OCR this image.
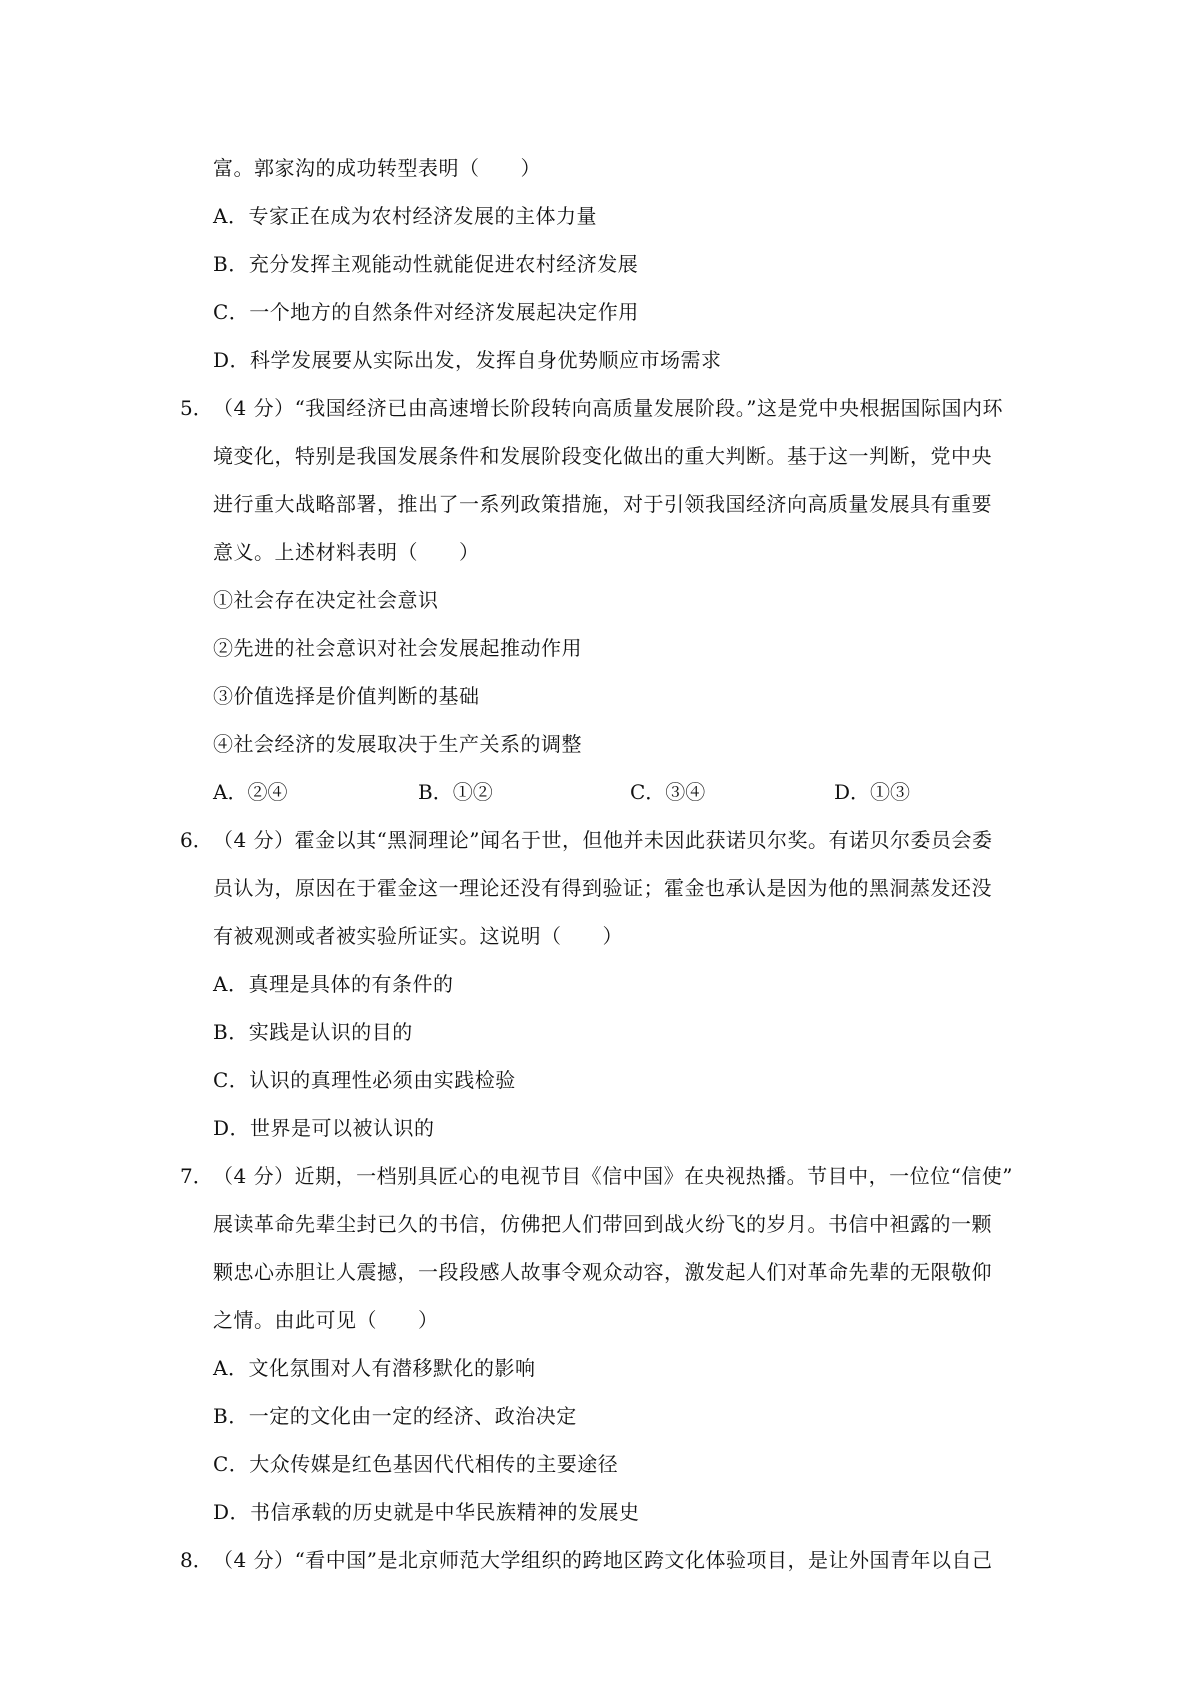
富。郭家沟的成功转型表明（　　）
A．专家正在成为农村经济发展的主体力量
B．充分发挥主观能动性就能促进农村经济发展
C．一个地方的自然条件对经济发展起决定作用
D．科学发展要从实际出发，发挥自身优势顺应市场需求
5． （4 分）“我国经济已由高速增长阶段转向高质量发展阶段。”这是党中央根据国际国内环
境变化，特别是我国发展条件和发展阶段变化做出的重大判断。基于这一判断，党中央
进行重大战略部署，推出了一系列政策措施，对于引领我国经济向高质量发展具有重要
意义。上述材料表明（　　）
①社会存在决定社会意识
②先进的社会意识对社会发展起推动作用
③价值选择是价值判断的基础
④社会经济的发展取决于生产关系的调整
A．②④	B．①②	C．③④	D．①③
6． （4 分）霍金以其“黑洞理论”闻名于世，但他并未因此获诺贝尔奖。有诺贝尔委员会委
员认为，原因在于霍金这一理论还没有得到验证；霍金也承认是因为他的黑洞蒸发还没
有被观测或者被实验所证实。这说明（　　）
A．真理是具体的有条件的
B．实践是认识的目的
C．认识的真理性必须由实践检验
D．世界是可以被认识的
7． （4 分）近期，一档别具匠心的电视节目《信中国》在央视热播。节目中，一位位“信使”
展读革命先辈尘封已久的书信，仿佛把人们带回到战火纷飞的岁月。书信中袒露的一颗
颗忠心赤胆让人震撼，一段段感人故事令观众动容，激发起人们对革命先辈的无限敬仰
之情。由此可见（　　）
A．文化氛围对人有潜移默化的影响
B．一定的文化由一定的经济、政治决定
C．大众传媒是红色基因代代相传的主要途径
D．书信承载的历史就是中华民族精神的发展史
8． （4 分）“看中国”是北京师范大学组织的跨地区跨文化体验项目，是让外国青年以自己
